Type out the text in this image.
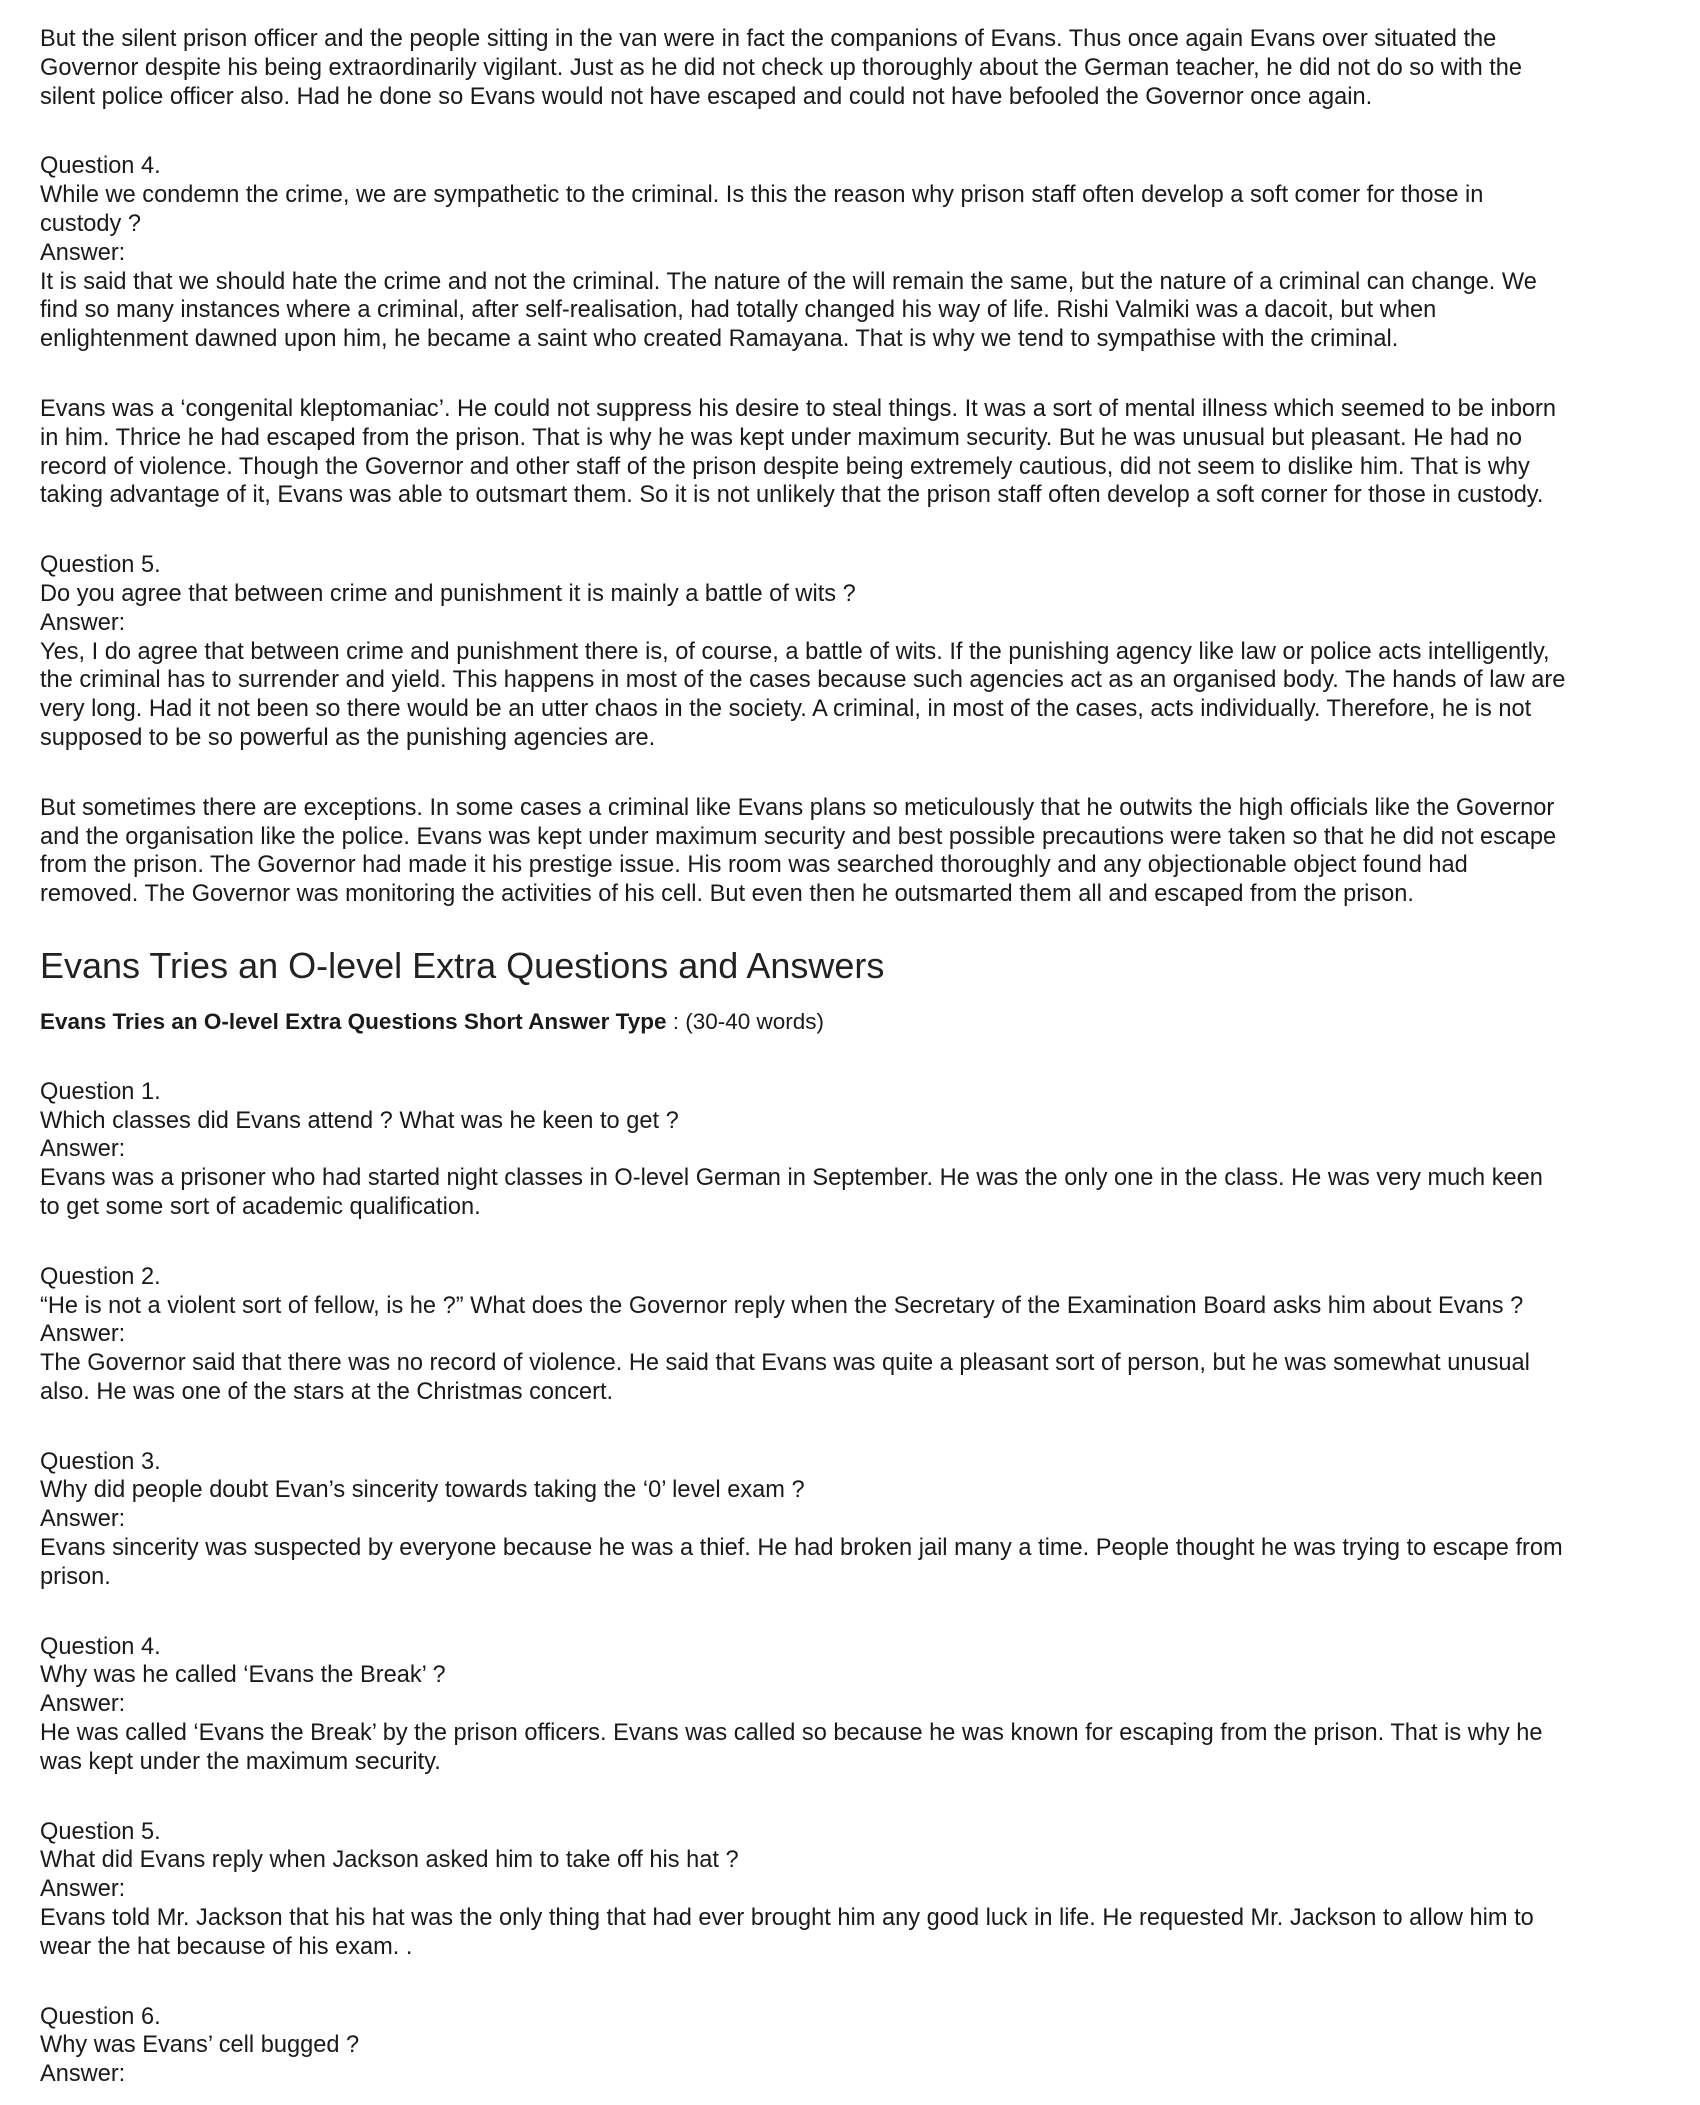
But the silent prison officer and the people sitting in the van were in fact the companions of Evans. Thus once again Evans over situated the
Governor despite his being extraordinarily vigilant. Just as he did not check up thoroughly about the German teacher, he did not do so with the
silent police officer also. Had he done so Evans would not have escaped and could not have befooled the Governor once again.
Question 4.
While we condemn the crime, we are sympathetic to the criminal. Is this the reason why prison staff often develop a soft comer for those in
custody ?
Answer:
It is said that we should hate the crime and not the criminal. The nature of the will remain the same, but the nature of a criminal can change. We
find so many instances where a criminal, after self-realisation, had totally changed his way of life. Rishi Valmiki was a dacoit, but when
enlightenment dawned upon him, he became a saint who created Ramayana. That is why we tend to sympathise with the criminal.
Evans was a ‘congenital kleptomaniac’. He could not suppress his desire to steal things. It was a sort of mental illness which seemed to be inborn
in him. Thrice he had escaped from the prison. That is why he was kept under maximum security. But he was unusual but pleasant. He had no
record of violence. Though the Governor and other staff of the prison despite being extremely cautious, did not seem to dislike him. That is why
taking advantage of it, Evans was able to outsmart them. So it is not unlikely that the prison staff often develop a soft corner for those in custody.
Question 5.
Do you agree that between crime and punishment it is mainly a battle of wits ?
Answer:
Yes, I do agree that between crime and punishment there is, of course, a battle of wits. If the punishing agency like law or police acts intelligently,
the criminal has to surrender and yield. This happens in most of the cases because such agencies act as an organised body. The hands of law are
very long. Had it not been so there would be an utter chaos in the society. A criminal, in most of the cases, acts individually. Therefore, he is not
supposed to be so powerful as the punishing agencies are.
But sometimes there are exceptions. In some cases a criminal like Evans plans so meticulously that he outwits the high officials like the Governor
and the organisation like the police. Evans was kept under maximum security and best possible precautions were taken so that he did not escape
from the prison. The Governor had made it his prestige issue. His room was searched thoroughly and any objectionable object found had
removed. The Governor was monitoring the activities of his cell. But even then he outsmarted them all and escaped from the prison.
Evans Tries an O-level Extra Questions and Answers
Evans Tries an O-level Extra Questions Short Answer Type : (30-40 words)
Question 1.
Which classes did Evans attend ? What was he keen to get ?
Answer:
Evans was a prisoner who had started night classes in O-level German in September. He was the only one in the class. He was very much keen
to get some sort of academic qualification.
Question 2.
“He is not a violent sort of fellow, is he ?” What does the Governor reply when the Secretary of the Examination Board asks him about Evans ?
Answer:
The Governor said that there was no record of violence. He said that Evans was quite a pleasant sort of person, but he was somewhat unusual
also. He was one of the stars at the Christmas concert.
Question 3.
Why did people doubt Evan’s sincerity towards taking the ‘0’ level exam ?
Answer:
Evans sincerity was suspected by everyone because he was a thief. He had broken jail many a time. People thought he was trying to escape from
prison.
Question 4.
Why was he called ‘Evans the Break’ ?
Answer:
He was called ‘Evans the Break’ by the prison officers. Evans was called so because he was known for escaping from the prison. That is why he
was kept under the maximum security.
Question 5.
What did Evans reply when Jackson asked him to take off his hat ?
Answer:
Evans told Mr. Jackson that his hat was the only thing that had ever brought him any good luck in life. He requested Mr. Jackson to allow him to
wear the hat because of his exam. .
Question 6.
Why was Evans’ cell bugged ?
Answer:
